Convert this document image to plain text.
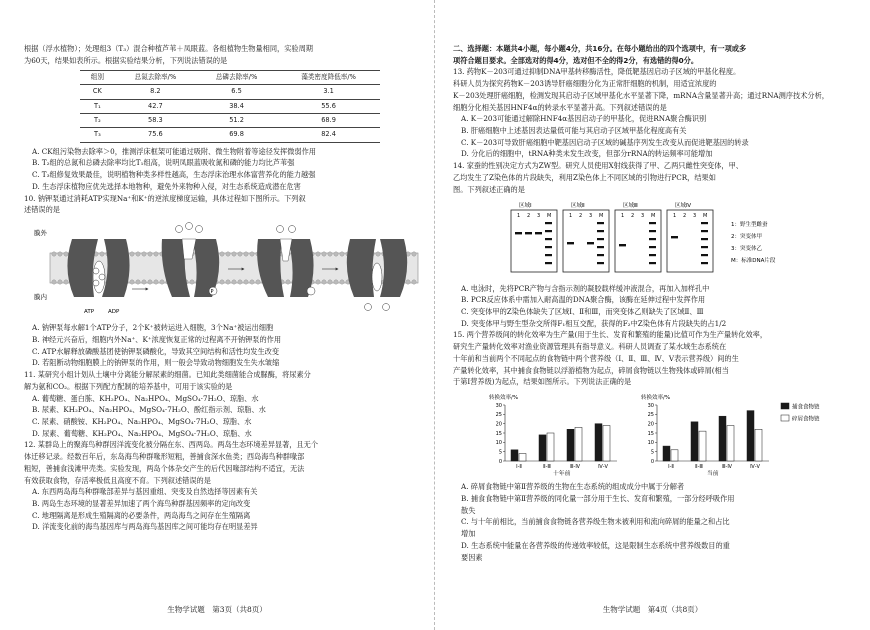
根据（浮水植物）；处理组3（T₃）混合种植芦苇＋凤眼蓝。各组植物生物量相同，实验周期

为60天，结果如表所示。根据实验结果分析，下列说法错误的是

组别	总氮去除率/%	总磷去除率/%	藻类密度降低率/%
CK	8.2	6.5	3.1
T₁	42.7	38.4	55.6
T₂	58.3	51.2	68.9
T₃	75.6	69.8	82.4

A. CK组污染物去除率＞0，推测浮床框架可能通过吸附、微生物附着等途径发挥微弱作用

B. T₂组的总氮和总磷去除率均比T₁组高，说明凤眼蓝吸收氮和磷的能力均比芦苇强

C. T₃组修复效果最佳，说明植物种类多样性越高，生态浮床治理水体富营养化的能力越强

D. 生态浮床植物应优先选择本地物种，避免外来物种入侵，对生态系统造成潜在危害

10. 钠钾泵通过消耗ATP实现Na⁺和K⁺的逆浓度梯度运输，具体过程如下图所示。下列叙

述错误的是

膜外
膜内
ATP	ADP
P

A. 钠钾泵每水解1个ATP分子，2个K⁺被转运进入细胞，3个Na⁺被运出细胞

B. 神经元兴奋后，细胞内外Na⁺、K⁺浓度恢复正常的过程离不开钠钾泵的作用

C. ATP水解释放磷酸基团使钠钾泵磷酸化，导致其空间结构和活性均发生改变

D. 若阻断动物细胞膜上的钠钾泵的作用，则一般会导致动物细胞发生失水皱缩

11. 某研究小组计划从土壤中分离能分解尿素的细菌。已知此类细菌能合成脲酶，将尿素分

解为氨和CO₂。根据下列配方配制的培养基中，可用于该实验的是

A. 葡萄糖、蛋白胨、KH₂PO₄、Na₂HPO₄、MgSO₄·7H₂O、琼脂、水

B. 尿素、KH₂PO₄、Na₂HPO₄、MgSO₄·7H₂O、酚红指示剂、琼脂、水

C. 尿素、硝酸铵、KH₂PO₄、Na₂HPO₄、MgSO₄·7H₂O、琼脂、水

D. 尿素、葡萄糖、KH₂PO₄、Na₂HPO₄、MgSO₄·7H₂O、琼脂、水

12. 某群岛上的聚海鸟种群因洋流变化被分隔在东、西两岛。两岛生态环境差异显著，且无个

体迁移记录。经数百年后，东岛海鸟种群喙形短粗，善捕食深水鱼类；西岛海鸟种群喙部

粗短，善捕食浅滩甲壳类。实验发现，两岛个体杂交产生的后代因喙部结构不适宜，无法

有效获取食物，存活率极低且高度不育。下列叙述错误的是

A. 东西两岛海鸟种群喙部差异与基因重组、突变及自然选择等因素有关

B. 两岛生态环境的显著差异加速了两个海鸟种群基因频率的定向改变

C. 地理隔离是形成生殖隔离的必要条件，两岛海鸟之间存在生殖隔离

D. 洋流变化前的海鸟基因库与两岛海鸟基因库之间可能均存在明显差异

生物学试题　第3页（共8页）

二、选择题：本题共4小题，每小题4分，共16分。在每小题给出的四个选项中，有一项或多

项符合题目要求。全部选对的得4分，选对但不全的得2分，有选错的得0分。

13. 药物K－203可通过抑制DNA甲基转移酶活性，降低靶基因启动子区域的甲基化程度。

科研人员为探究药物K－203诱导肝癌细胞分化为正常肝细胞的机制，用适宜浓度的

K－203处理肝癌细胞，检测发现其启动子区域甲基化水平显著下降，mRNA含量显著升高；通过RNA测序技术分析，

细胞分化相关基因HNF4α的转录水平显著升高。下列叙述错误的是

A. K－203可能通过解除HNF4α基因启动子的甲基化，促进RNA聚合酶识别

B. 肝癌细胞中上述基因表达量低可能与其启动子区域甲基化程度高有关

C. K－203可导致肝癌细胞中靶基因启动子区域的碱基序列发生改变从而促进靶基因的转录

D. 分化后的细胞中，tRNA种类未发生改变，但部分rRNA的转运频率可能增加

14. 家蚕的性别决定方式为ZW型。研究人员使用X射线获得了甲、乙两只雌性突变体，甲、

乙均发生了Z染色体的片段缺失，利用Z染色体上不同区域的引物进行PCR，结果如

图。下列叙述正确的是

区域Ⅰ
1 2 3 M
区域Ⅱ
1 2 3 M
区域Ⅲ
1 2 3 M
区域Ⅳ
1 2 3 M
1：野生型雌蚕
2：突变体甲
3：突变体乙
M：标准DNA片段

A. 电泳时，先将PCR产物与含指示剂的凝胶载样缓冲液混合，再加入加样孔中

B. PCR反应体系中需加入耐高温的DNA聚合酶，该酶在延伸过程中发挥作用

C. 突变体甲的Z染色体缺失了区域Ⅰ、Ⅱ和Ⅲ，而突变体乙则缺失了区域Ⅱ、Ⅲ

D. 突变体甲与野生型杂交所得F₁相互交配，获得的F₂中Z染色体有片段缺失的占1/2

15. 两个营养级间的转化效率为生产量(用于生长、发育和繁殖的能量)比值可作为生产量转化效率，

研究生产量转化效率对渔业资源管理具有指导意义。科研人员调查了某水域生态系统在

十年前和当前两个不同起点的食物链中两个营养级（Ⅰ、Ⅱ、Ⅲ、Ⅳ、Ⅴ表示营养级）间的生

产量转化效率，其中捕食食物链以浮游植物为起点，碎屑食物链以生物残体或碎屑(相当

于第Ⅰ营养级)为起点，结果如图所示。下列说法正确的是

转换效率/%	转换效率/%
0
5
10
15
20
25
30
Ⅰ-Ⅱ	Ⅱ-Ⅲ	Ⅲ-Ⅳ	Ⅳ-Ⅴ
0
5
10
15
20
25
30
Ⅰ-Ⅱ	Ⅱ-Ⅲ	Ⅲ-Ⅳ	Ⅳ-Ⅴ
十年前	当前
捕食食物链
碎屑食物链

A. 碎屑食物链中第Ⅱ营养级的生物在生态系统的组成成分中属于分解者

B. 捕食食物链中第Ⅱ营养级的同化量一部分用于生长、发育和繁殖，一部分经呼吸作用

散失

C. 与十年前相比，当前捕食食物链各营养级生物未被利用和流向碎屑的能量之和占比

增加

D. 生态系统中能量在各营养级的传递效率较低，这是限制生态系统中营养级数目的重

要因素

生物学试题　第4页（共8页）
